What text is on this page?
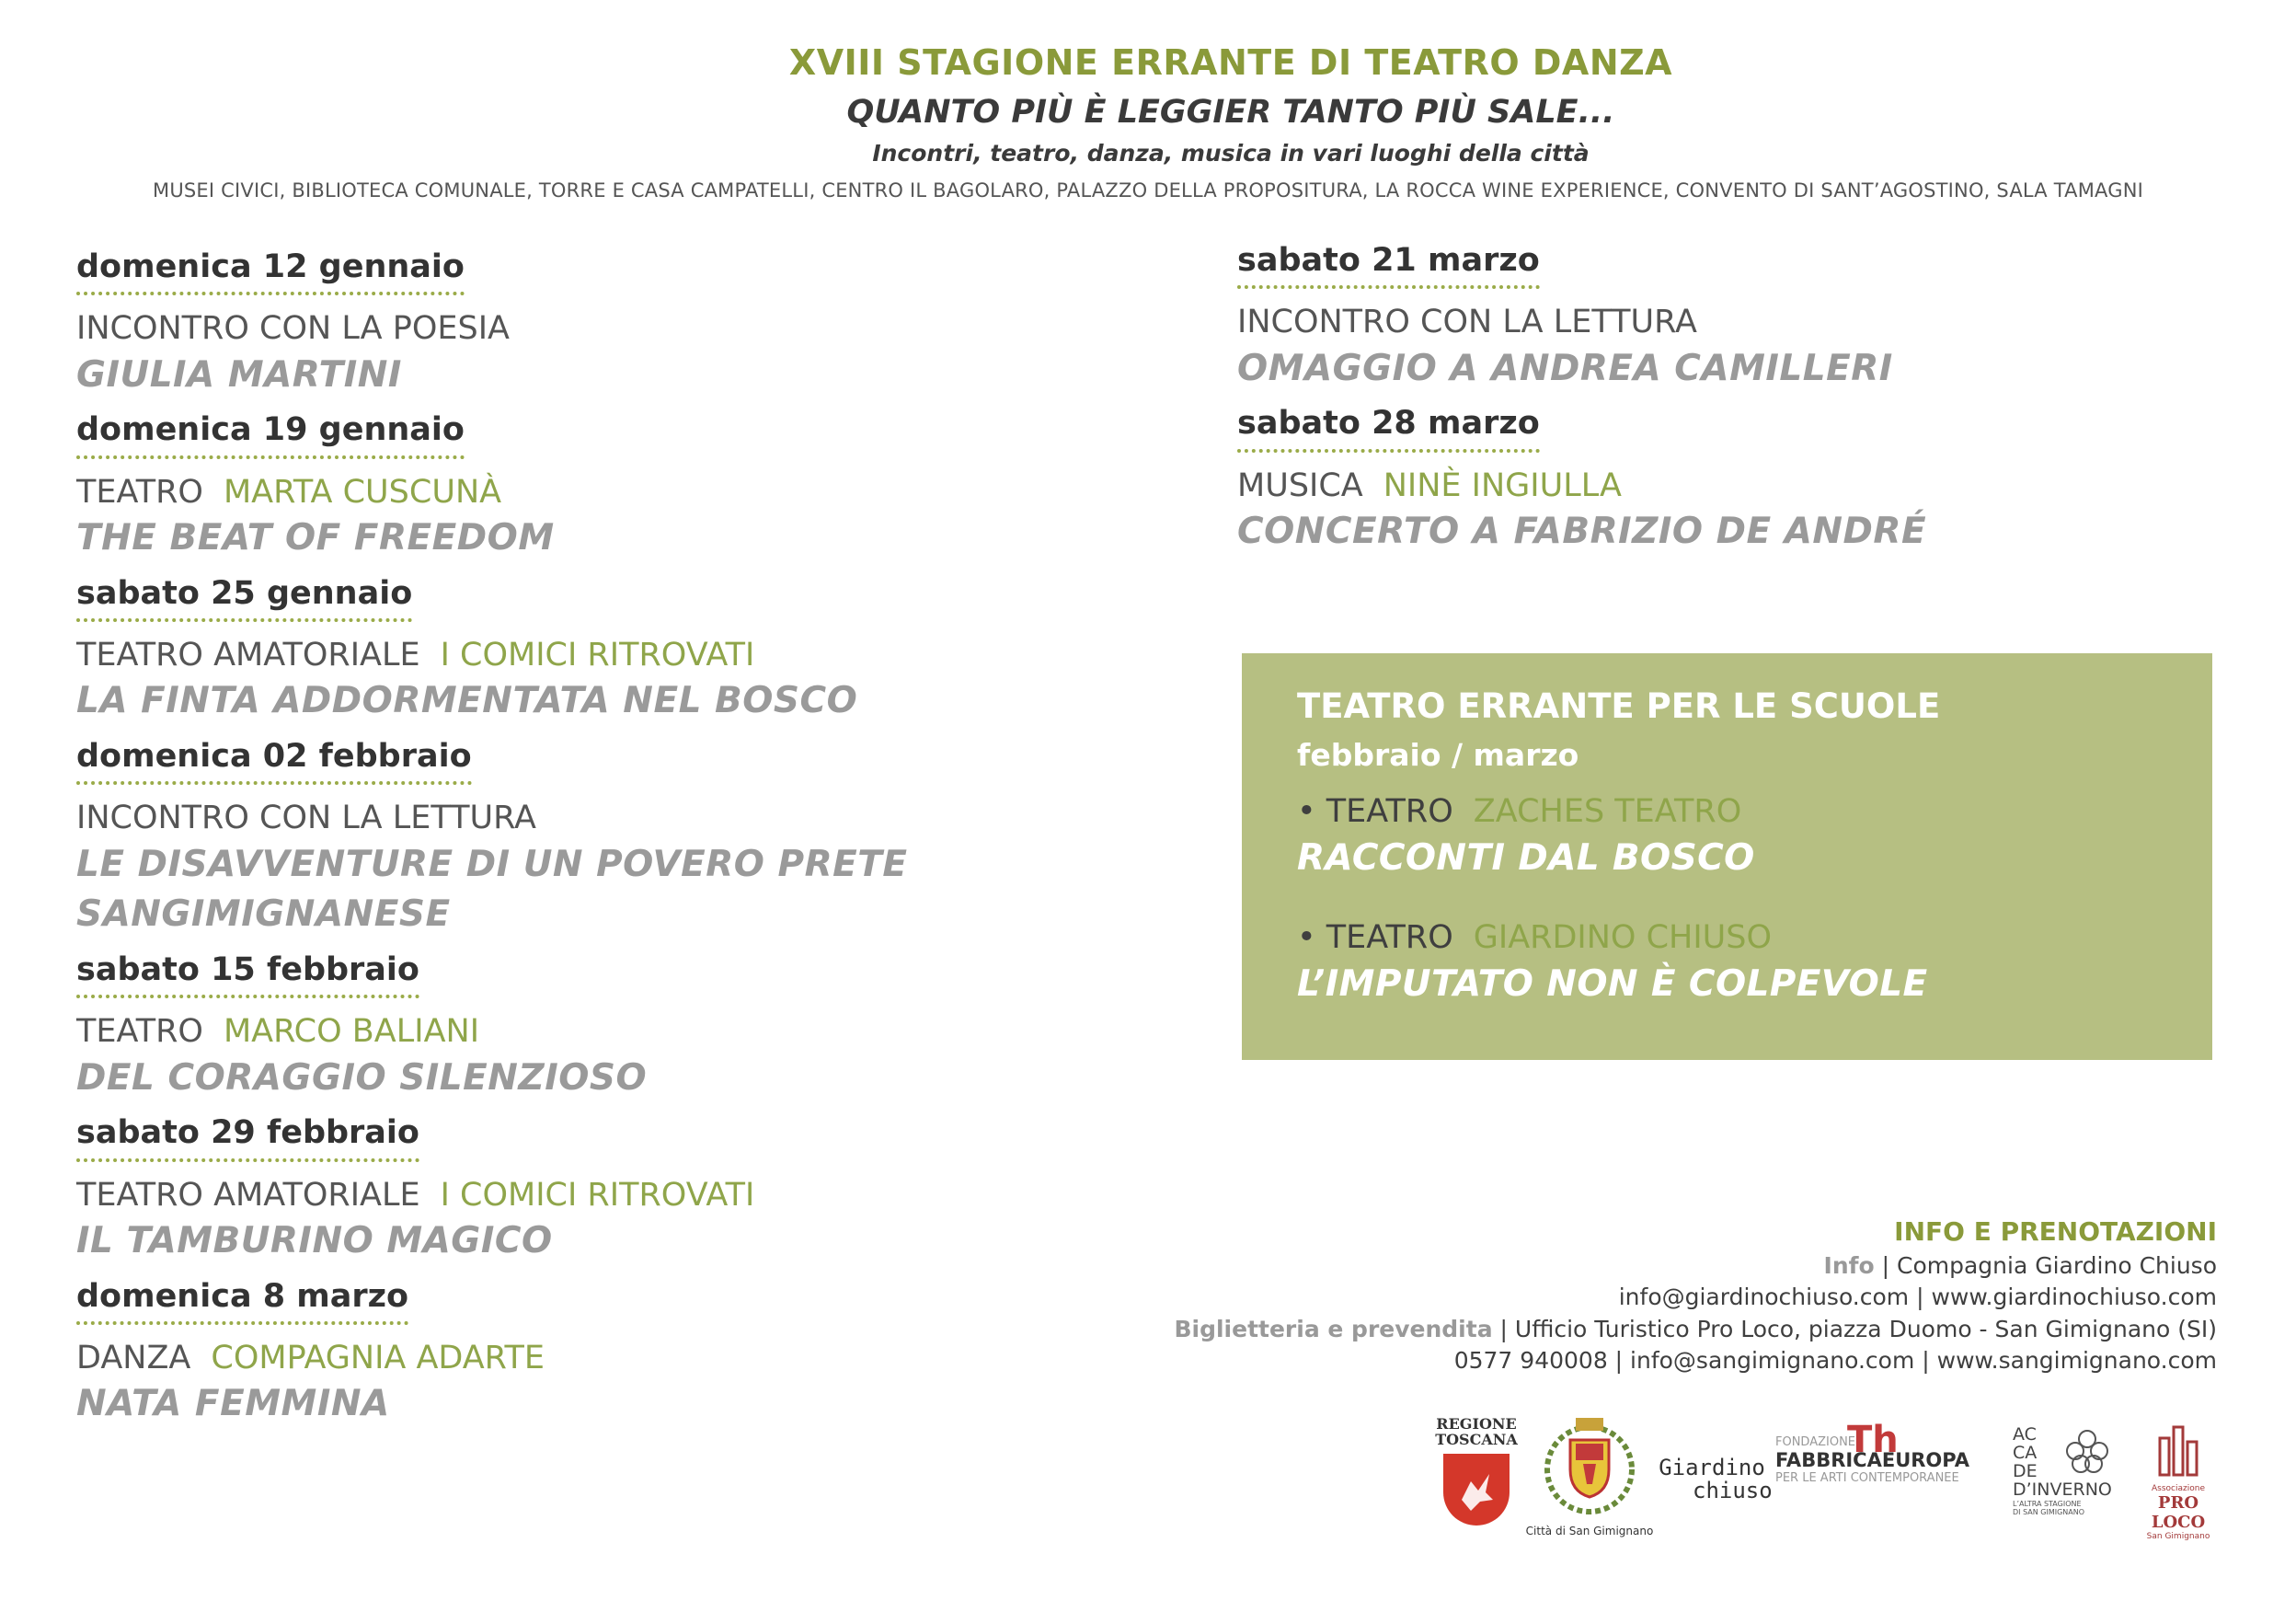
XVIII STAGIONE ERRANTE DI TEATRO DANZA
QUANTO PIÙ È LEGGIER TANTO PIÙ SALE...
Incontri, teatro, danza, musica in vari luoghi della città
MUSEI CIVICI, BIBLIOTECA COMUNALE, TORRE E CASA CAMPATELLI, CENTRO IL BAGOLARO, PALAZZO DELLA PROPOSITURA, LA ROCCA WINE EXPERIENCE, CONVENTO DI SANT’AGOSTINO, SALA TAMAGNI
domenica 12 gennaio
INCONTRO CON LA POESIA
GIULIA MARTINI
domenica 19 gennaio
TEATRO MARTA CUSCUNÀ
THE BEAT OF FREEDOM
sabato 25 gennaio
TEATRO AMATORIALE I COMICI RITROVATI
LA FINTA ADDORMENTATA NEL BOSCO
domenica 02 febbraio
INCONTRO CON LA LETTURA
LE DISAVVENTURE DI UN POVERO PRETE
SANGIMIGNANESE
sabato 15 febbraio
TEATRO MARCO BALIANI
DEL CORAGGIO SILENZIOSO
sabato 29 febbraio
TEATRO AMATORIALE I COMICI RITROVATI
IL TAMBURINO MAGICO
domenica 8 marzo
DANZA COMPAGNIA ADARTE
NATA FEMMINA
sabato 21 marzo
INCONTRO CON LA LETTURA
OMAGGIO A ANDREA CAMILLERI
sabato 28 marzo
MUSICA NINÈ INGIULLA
CONCERTO A FABRIZIO DE ANDRÉ
TEATRO ERRANTE PER LE SCUOLE
febbraio / marzo
• TEATRO ZACHES TEATRO
RACCONTI DAL BOSCO
• TEATRO GIARDINO CHIUSO
L’IMPUTATO NON È COLPEVOLE
INFO E PRENOTAZIONI
Info | Compagnia Giardino Chiuso
info@giardinochiuso.com | www.giardinochiuso.com
Biglietteria e prevendita | Ufficio Turistico Pro Loco, piazza Duomo - San Gimignano (SI)
0577 940008 | info@sangimignano.com | www.sangimignano.com
REGIONE
TOSCANA
Città di San Gimignano
Giardino
chiuso
Th
FONDAZIONE
FABBRICAEUROPA
PER LE ARTI CONTEMPORANEE
AC
CA
DE
D’INVERNO
L’ALTRA STAGIONE
DI SAN GIMIGNANO
Associazione
PRO LOCO
San Gimignano
